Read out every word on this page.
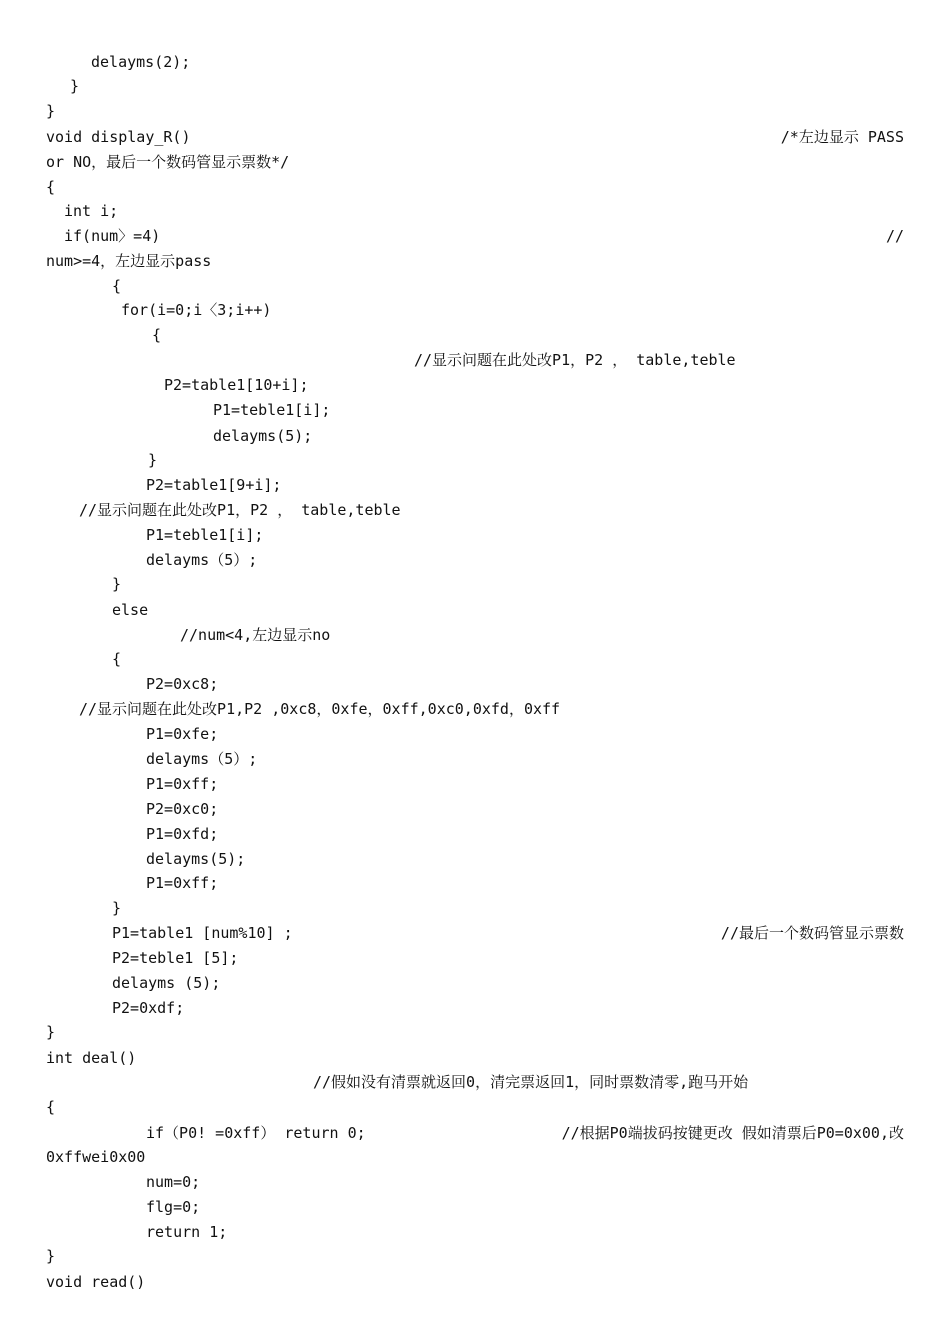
delayms(2);
}
}
void display_R()	/*左边显示 PASS
or NO，最后一个数码管显示票数*/
{
int i;
if(num〉=4)	//
num>=4，左边显示pass
{
for(i=0;i〈3;i++)
{
//显示问题在此处改P1，P2 ， table,teble
P2=table1[10+i];
P1=teble1[i];
delayms(5);
}
P2=table1[9+i];
//显示问题在此处改P1，P2 ， table,teble
P1=teble1[i];
delayms（5）;
}
else
//num<4,左边显示no
{
P2=0xc8;
//显示问题在此处改P1,P2 ,0xc8，0xfe，0xff,0xc0,0xfd，0xff
P1=0xfe;
delayms（5）;
P1=0xff;
P2=0xc0;
P1=0xfd;
delayms(5);
P1=0xff;
}
P1=table1 [num%10] ;	//最后一个数码管显示票数
P2=teble1 [5];
delayms (5);
P2=0xdf;
}
int deal()
//假如没有清票就返回0，清完票返回1，同时票数清零,跑马开始
{
if（P0! =0xff） return 0;	//根据P0端拔码按键更改 假如清票后P0=0x00,改
0xffwei0x00
num=0;
flg=0;
return 1;
}
void read()
